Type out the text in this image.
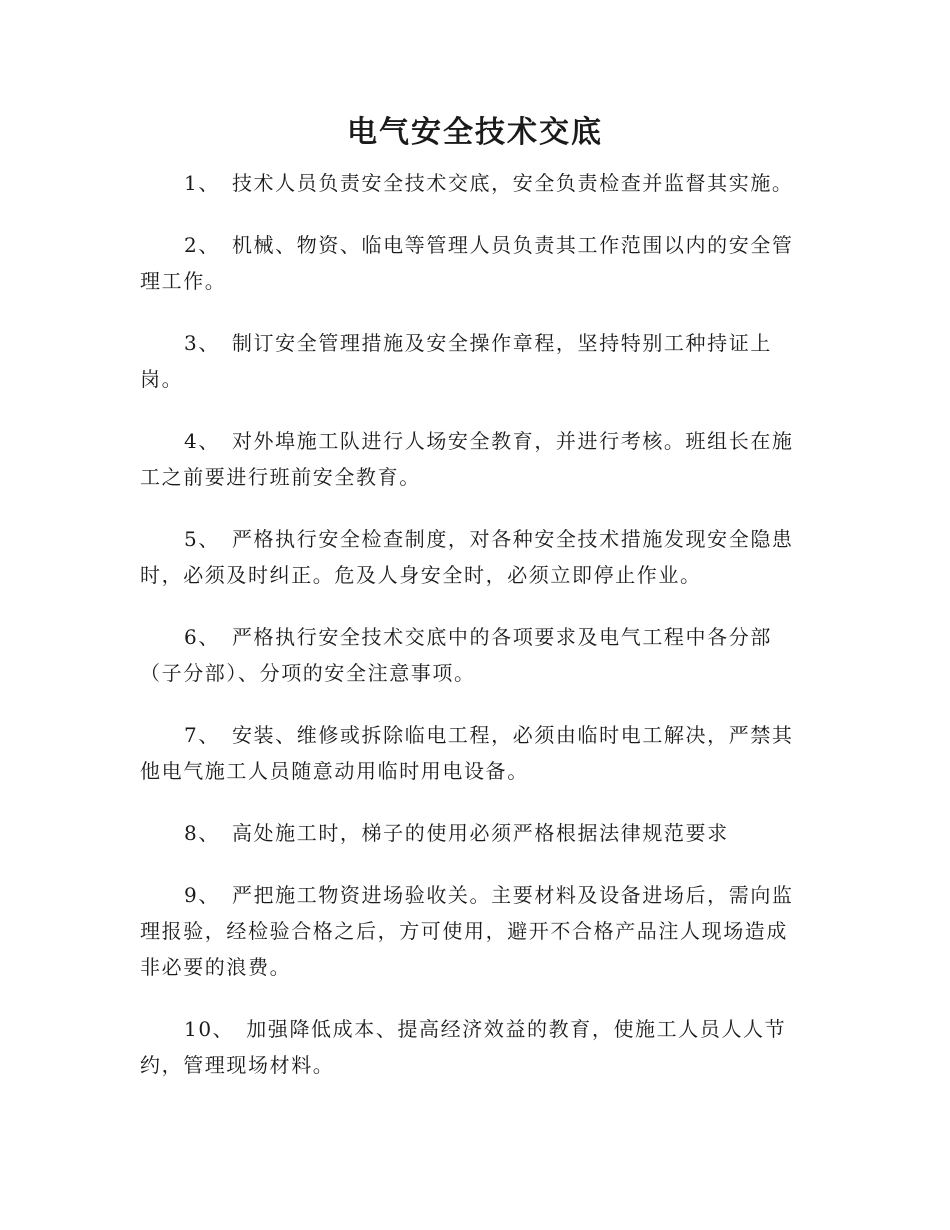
电气安全技术交底

1、 技术人员负责安全技术交底，安全负责检查并监督其实施。

2、 机械、物资、临电等管理人员负责其工作范围以内的安全管理工作。

3、 制订安全管理措施及安全操作章程，坚持特别工种持证上岗。

4、 对外埠施工队进行人场安全教育，并进行考核。班组长在施工之前要进行班前安全教育。

5、 严格执行安全检查制度，对各种安全技术措施发现安全隐患时，必须及时纠正。危及人身安全时，必须立即停止作业。

6、 严格执行安全技术交底中的各项要求及电气工程中各分部（子分部）、分项的安全注意事项。

7、 安装、维修或拆除临电工程，必须由临时电工解决，严禁其他电气施工人员随意动用临时用电设备。

8、 高处施工时，梯子的使用必须严格根据法律规范要求

9、 严把施工物资进场验收关。主要材料及设备进场后，需向监理报验，经检验合格之后，方可使用，避开不合格产品注人现场造成非必要的浪费。

10、 加强降低成本、提高经济效益的教育，使施工人员人人节约，管理现场材料。
